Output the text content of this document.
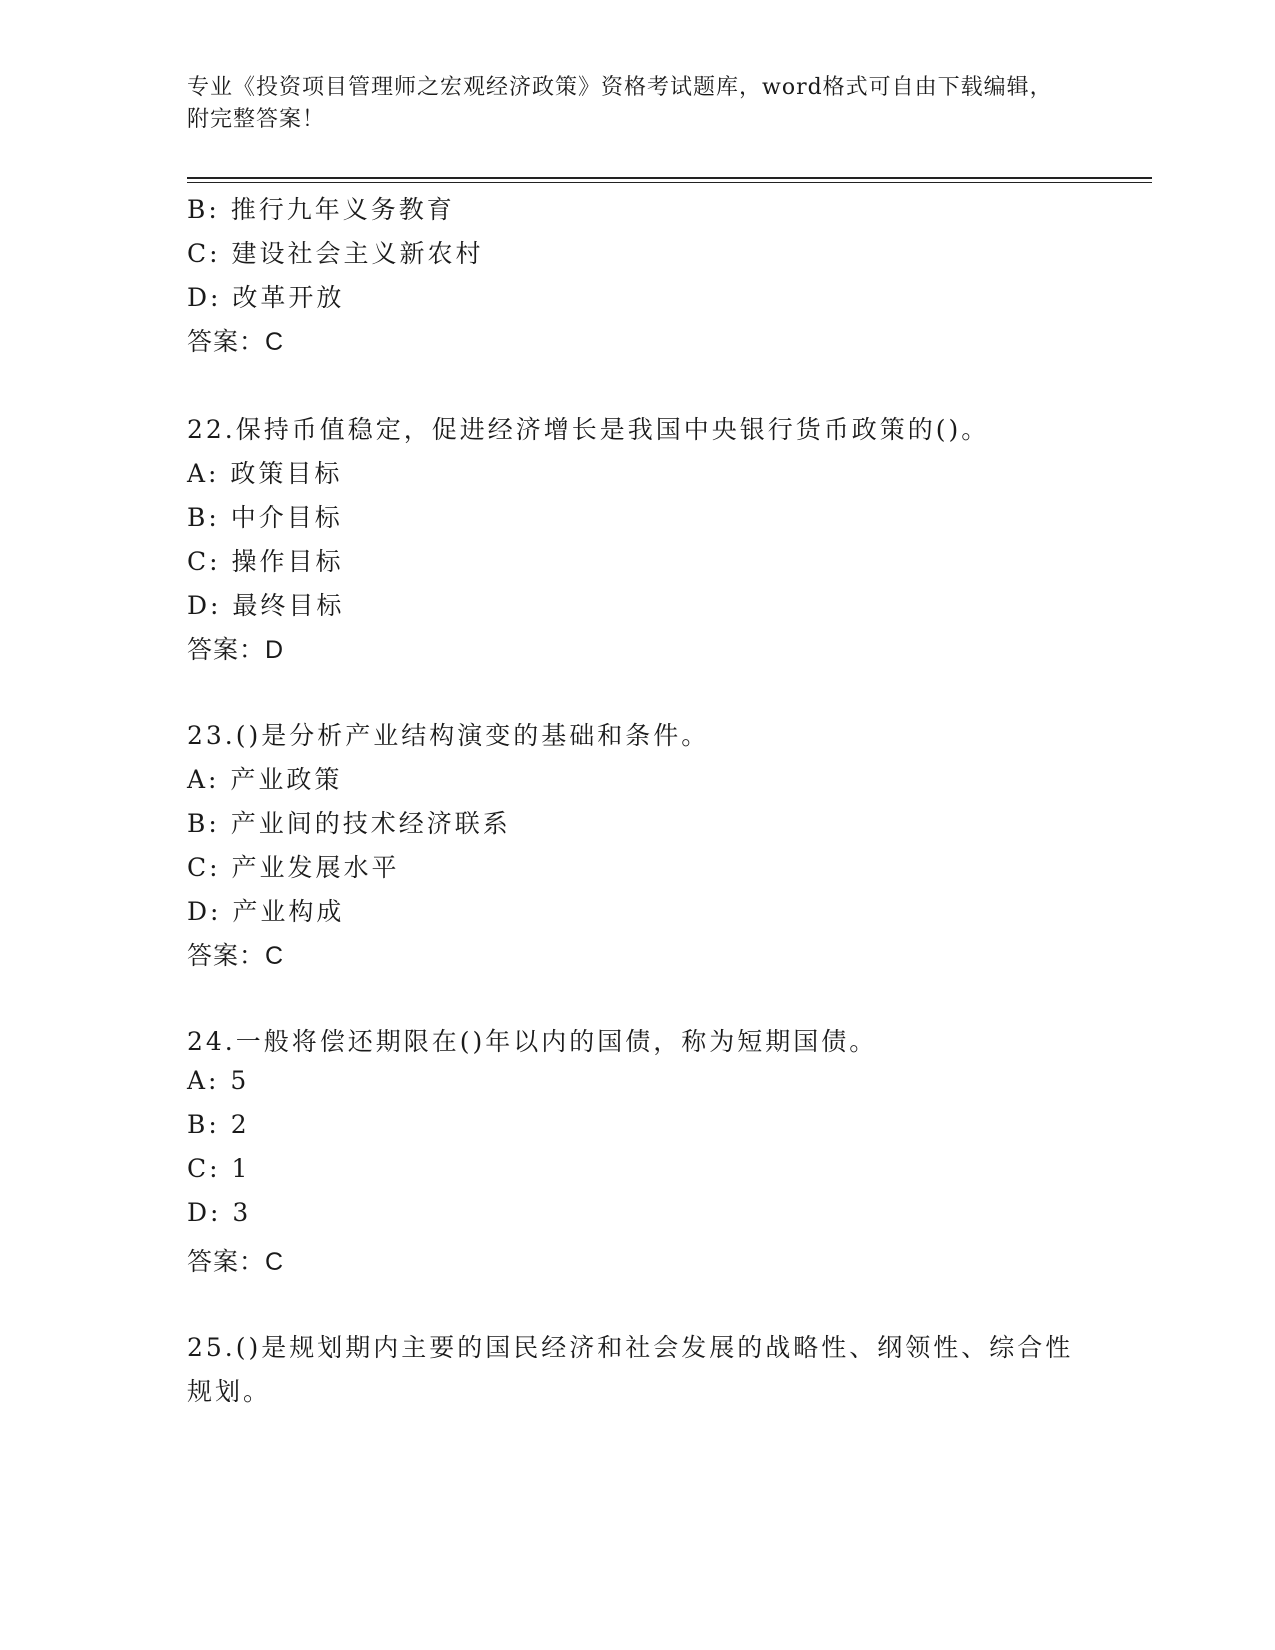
专业《投资项目管理师之宏观经济政策》资格考试题库，word格式可自由下载编辑，附完整答案！
B: 推行九年义务教育
C: 建设社会主义新农村
D: 改革开放
答案：C
22.保持币值稳定，促进经济增长是我国中央银行货币政策的()。
A: 政策目标
B: 中介目标
C: 操作目标
D: 最终目标
答案：D
23.()是分析产业结构演变的基础和条件。
A: 产业政策
B: 产业间的技术经济联系
C: 产业发展水平
D: 产业构成
答案：C
24.一般将偿还期限在()年以内的国债，称为短期国债。
A: 5
B: 2
C: 1
D: 3
答案：C
25.()是规划期内主要的国民经济和社会发展的战略性、纲领性、综合性规划。
